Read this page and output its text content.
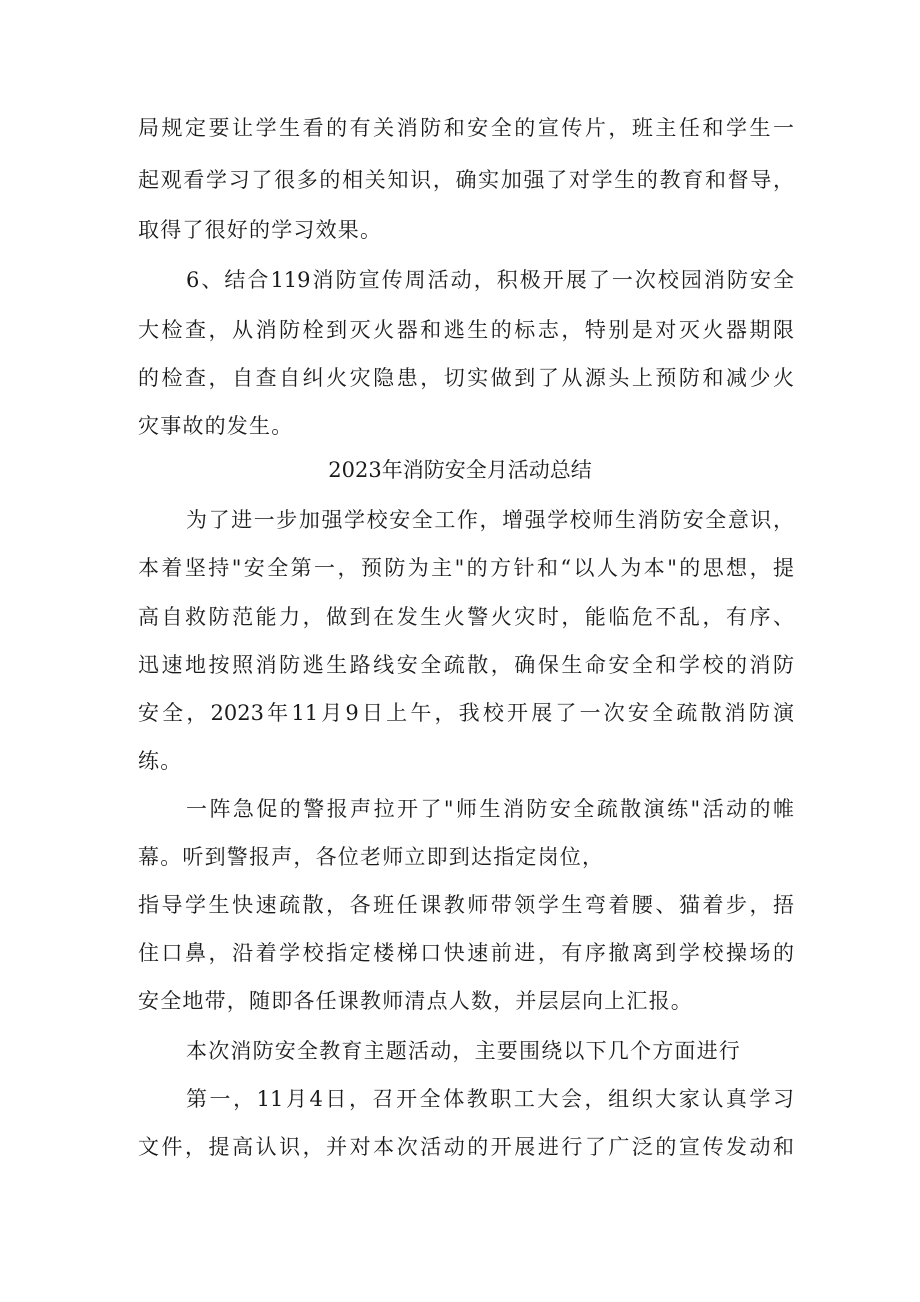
局规定要让学生看的有关消防和安全的宣传片，班主任和学生一
起观看学习了很多的相关知识，确实加强了对学生的教育和督导，
取得了很好的学习效果。
6、结合119消防宣传周活动，积极开展了一次校园消防安全
大检查，从消防栓到灭火器和逃生的标志，特别是对灭火器期限
的检查，自查自纠火灾隐患，切实做到了从源头上预防和减少火
灾事故的发生。
2023年消防安全月活动总结
为了进一步加强学校安全工作，增强学校师生消防安全意识，
本着坚持"安全第一，预防为主"的方针和“以人为本"的思想，提
高自救防范能力，做到在发生火警火灾时，能临危不乱，有序、
迅速地按照消防逃生路线安全疏散，确保生命安全和学校的消防
安全，2023年11月9日上午，我校开展了一次安全疏散消防演
练。
一阵急促的警报声拉开了"师生消防安全疏散演练"活动的帷
幕。听到警报声，各位老师立即到达指定岗位，
指导学生快速疏散，各班任课教师带领学生弯着腰、猫着步，捂
住口鼻，沿着学校指定楼梯口快速前进，有序撤离到学校操场的
安全地带，随即各任课教师清点人数，并层层向上汇报。
本次消防安全教育主题活动，主要围绕以下几个方面进行
第一，11月4日，召开全体教职工大会，组织大家认真学习
文件，提高认识，并对本次活动的开展进行了广泛的宣传发动和
